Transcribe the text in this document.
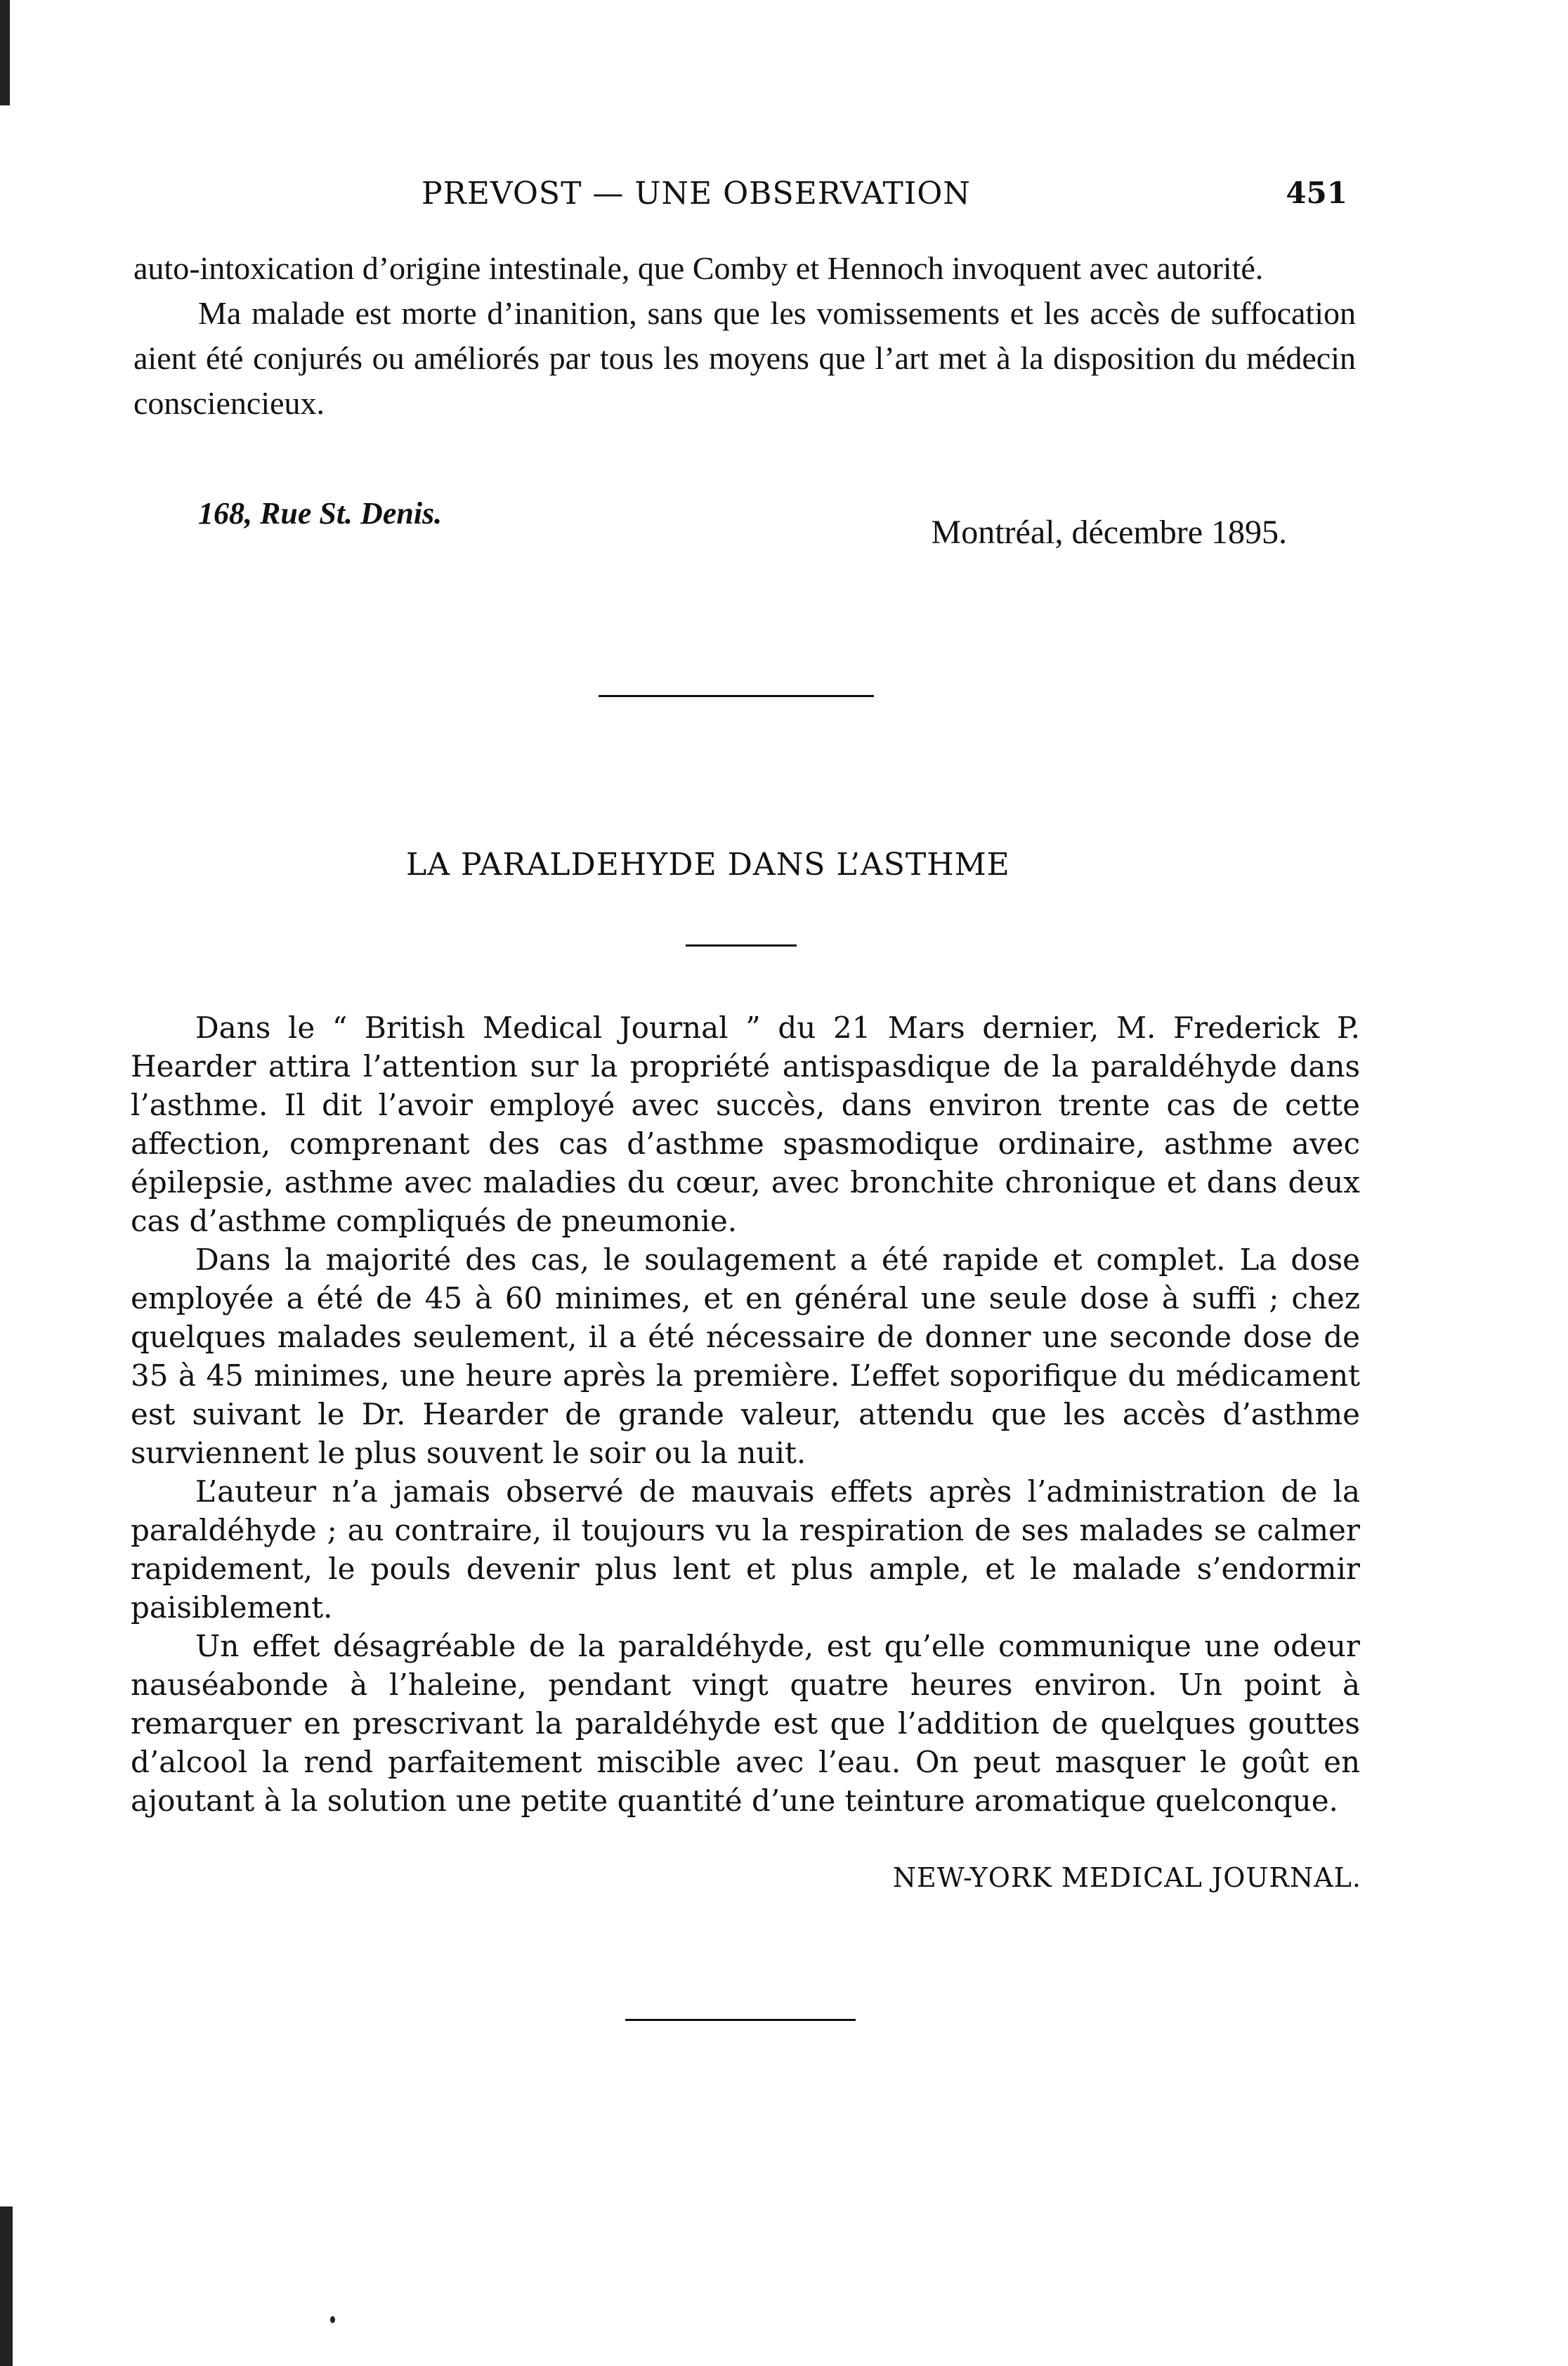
PREVOST — UNE OBSERVATION	451

auto-intoxication d’origine intestinale, que Comby et Hennoch invoquent avec autorité.

Ma malade est morte d’inanition, sans que les vomissements et les accès de suffocation aient été conjurés ou améliorés par tous les moyens que l’art met à la disposition du médecin consciencieux.

168, Rue St. Denis.
Montréal, décembre 1895.
LA PARALDEHYDE DANS L’ASTHME

Dans le “ British Medical Journal ” du 21 Mars dernier, M. Frederick P. Hearder attira l’attention sur la propriété antispasdique de la paraldéhyde dans l’asthme. Il dit l’avoir employé avec succès, dans environ trente cas de cette affection, comprenant des cas d’asthme spasmodique ordinaire, asthme avec épilepsie, asthme avec maladies du cœur, avec bronchite chronique et dans deux cas d’asthme compliqués de pneumonie.

Dans la majorité des cas, le soulagement a été rapide et complet. La dose employée a été de 45 à 60 minimes, et en général une seule dose à suffi ; chez quelques malades seulement, il a été nécessaire de donner une seconde dose de 35 à 45 minimes, une heure après la première. L’effet soporifique du médicament est suivant le Dr. Hearder de grande valeur, attendu que les accès d’asthme surviennent le plus souvent le soir ou la nuit.

L’auteur n’a jamais observé de mauvais effets après l’administration de la paraldéhyde ; au contraire, il toujours vu la respiration de ses malades se calmer rapidement, le pouls devenir plus lent et plus ample, et le malade s’endormir paisiblement.

Un effet désagréable de la paraldéhyde, est qu’elle communique une odeur nauséabonde à l’haleine, pendant vingt quatre heures environ. Un point à remarquer en prescrivant la paraldéhyde est que l’addition de quelques gouttes d’alcool la rend parfaitement miscible avec l’eau. On peut masquer le goût en ajoutant à la solution une petite quantité d’une teinture aromatique quelconque.

NEW-YORK MEDICAL JOURNAL.
